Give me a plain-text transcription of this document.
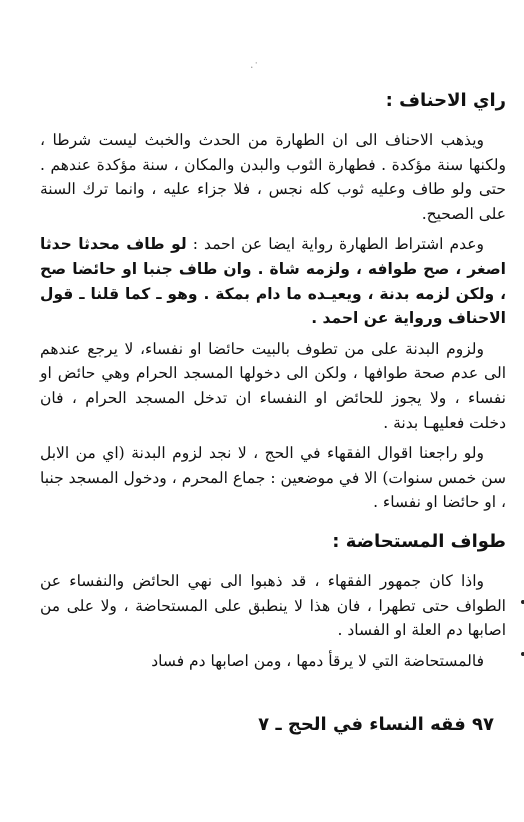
·˙
راي الاحناف :

ويذهب الاحناف الى ان الطهارة من الحدث والخبث ليست شرطا ، ولكنها سنة مؤكدة . فطهارة الثوب والبدن والمكان ، سنة مؤكدة عندهم . حتى ولو طاف وعليه ثوب كله نجس ، فلا جزاء عليه ، وانما ترك السنة على الصحيح.

وعدم اشتراط الطهارة رواية ايضا عن احمد : لو طاف محدثا حدثا اصغر ، صح طوافه ، ولزمه شاة . وان طاف جنبا او حائضا صح ، ولكن لزمه بدنة ، ويعيـده ما دام بمكة . وهو ـ كما قلنا ـ قول الاحناف ورواية عن احمد .

ولزوم البدنة على من تطوف بالبيت حائضا او نفساء، لا يرجع عندهم الى عدم صحة طوافها ، ولكن الى دخولها المسجد الحرام وهي حائض او نفساء ، ولا يجوز للحائض او النفساء ان تدخل المسجد الحرام ، فان دخلت فعليهـا بدنة .

ولو راجعنا اقوال الفقهاء في الحج ، لا نجد لزوم البدنة (اي من الابل سن خمس سنوات) الا في موضعين : جماع المحرم ، ودخول المسجد جنبا ، او حائضا او نفساء .

طواف المستحاضة :

واذا كان جمهور الفقهاء ، قد ذهبوا الى نهي الحائض والنفساء عن الطواف حتى تطهرا ، فان هذا لا ينطبق على المستحاضة ، ولا على من اصابها دم العلة او الفساد .

فالمستحاضة التي لا يرقأ دمها ، ومن اصابها دم فساد

٩٧ فقه النساء في الحج ـ ٧
